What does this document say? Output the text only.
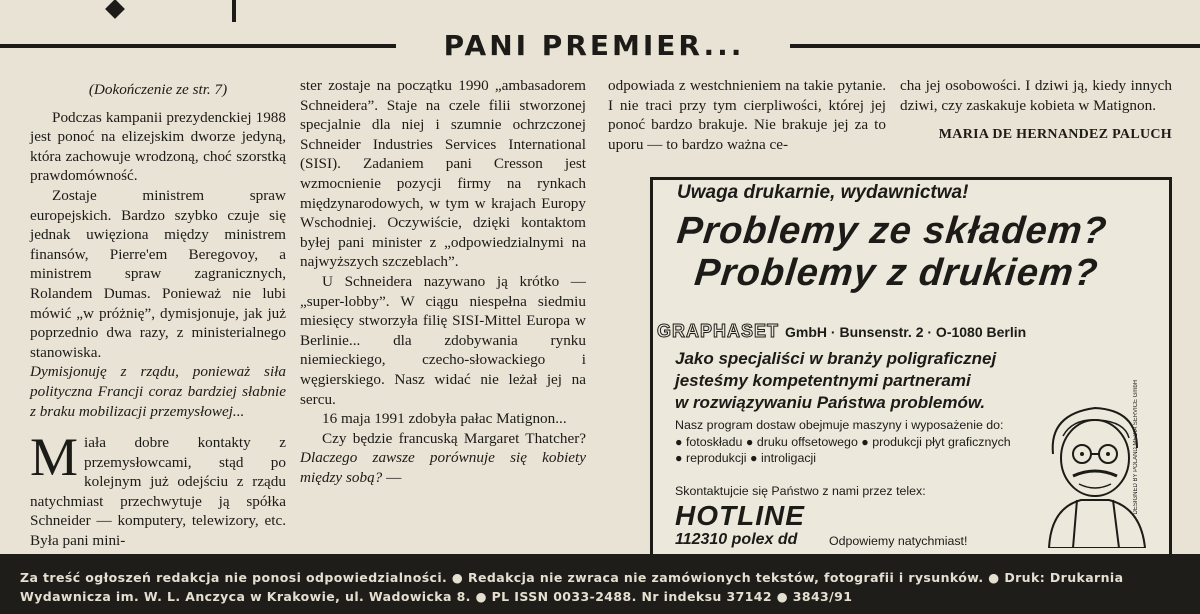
PANI PREMIER...

(Dokończenie ze str. 7)

Podczas kampanii prezydenckiej 1988 jest ponoć na elizejskim dworze jedyną, która zachowuje wrodzoną, choć szorstką prawdomówność.

Zostaje ministrem spraw europejskich. Bardzo szybko czuje się jednak uwięziona między ministrem finansów, Pierre'em Beregovoy, a ministrem spraw zagranicznych, Rolandem Dumas. Ponieważ nie lubi mówić „w próżnię”, dymisjonuje, jak już poprzednio dwa razy, z ministerialnego stanowiska.

Dymisjonuję z rządu, ponieważ siła polityczna Francji coraz bardziej słabnie z braku mobilizacji przemysłowej...

Miała dobre kontakty z przemysłowcami, stąd po kolejnym już odejściu z rządu natychmiast przechwytuje ją spółka Schneider — komputery, telewizory, etc. Była pani mini-

ster zostaje na początku 1990 „ambasadorem Schneidera”. Staje na czele filii stworzonej specjalnie dla niej i szumnie ochrzczonej Schneider Industries Services International (SISI). Zadaniem pani Cresson jest wzmocnienie pozycji firmy na rynkach międzynarodowych, w tym w krajach Europy Wschodniej. Oczywiście, dzięki kontaktom byłej pani minister z „odpowiedzialnymi na najwyższych szczeblach”.

U Schneidera nazywano ją krótko — „super-lobby”. W ciągu niespełna siedmiu miesięcy stworzyła filię SISI-Mittel Europa w Berlinie... dla zdobywania rynku niemieckiego, czecho-słowackiego i węgierskiego. Nasz widać nie leżał jej na sercu.

16 maja 1991 zdobyła pałac Matignon...

Czy będzie francuską Margaret Thatcher? Dlaczego zawsze porównuje się kobiety między sobą? —

odpowiada z westchnieniem na takie pytanie. I nie traci przy tym cierpliwości, której jej ponoć bardzo brakuje. Nie brakuje jej za to uporu — to bardzo ważna ce-

cha jej osobowości. I dziwi ją, kiedy innych dziwi, czy zaskakuje kobieta w Matignon.

MARIA DE HERNANDEZ PALUCH

Uwaga drukarnie, wydawnictwa!
Problemy ze składem?
Problemy z drukiem?
GRAPHASET GmbH · Bunsenstr. 2 · O-1080 Berlin
Jako specjaliści w branży poligraficznej
jesteśmy kompetentnymi partnerami
w rozwiązywaniu Państwa problemów.
Nasz program dostaw obejmuje maszyny i wyposażenie do:
● fotoskładu ● druku offsetowego ● produkcji płyt graficznych
● reprodukcji ● introligacji
Skontaktujcie się Państwo z nami przez telex:
HOTLINE
112310 polex dd	Odpowiemy natychmiast!
DESIGNED BY POLAND MEDIA SERVICE GmbH
Za treść ogłoszeń redakcja nie ponosi odpowiedzialności. ● Redakcja nie zwraca nie zamówionych tekstów, fotografii i rysunków. ● Druk: Drukarnia Wydawnicza im. W. L. Anczyca w Krakowie, ul. Wadowicka 8. ● PL ISSN 0033-2488. Nr indeksu 37142 ● 3843/91
